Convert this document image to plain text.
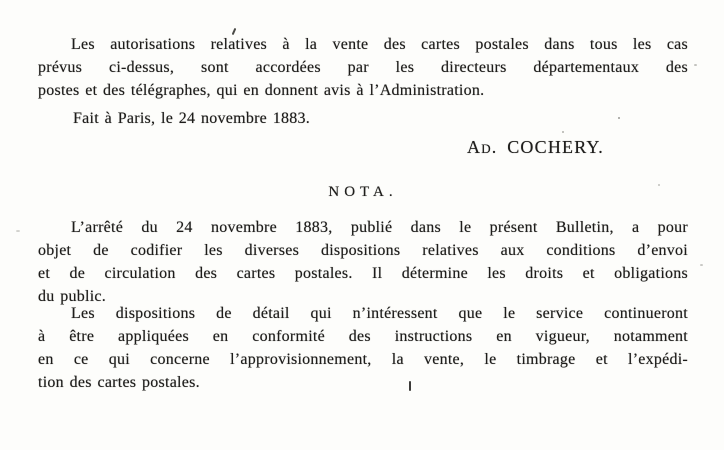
Les autorisations relatives à la vente des cartes postales dans tous les cas
prévus ci-dessus, sont accordées par les directeurs départementaux des
postes et des télégraphes, qui en donnent avis à l’Administration.
Fait à Paris, le 24 novembre 1883.
Ad. COCHERY.
NOTA.
L’arrêté du 24 novembre 1883, publié dans le présent Bulletin, a pour
objet de codifier les diverses dispositions relatives aux conditions d’envoi
et de circulation des cartes postales. Il détermine les droits et obligations
du public.
Les dispositions de détail qui n’intéressent que le service continueront
à être appliquées en conformité des instructions en vigueur, notamment
en ce qui concerne l’approvisionnement, la vente, le timbrage et l’expédi-
tion des cartes postales.
